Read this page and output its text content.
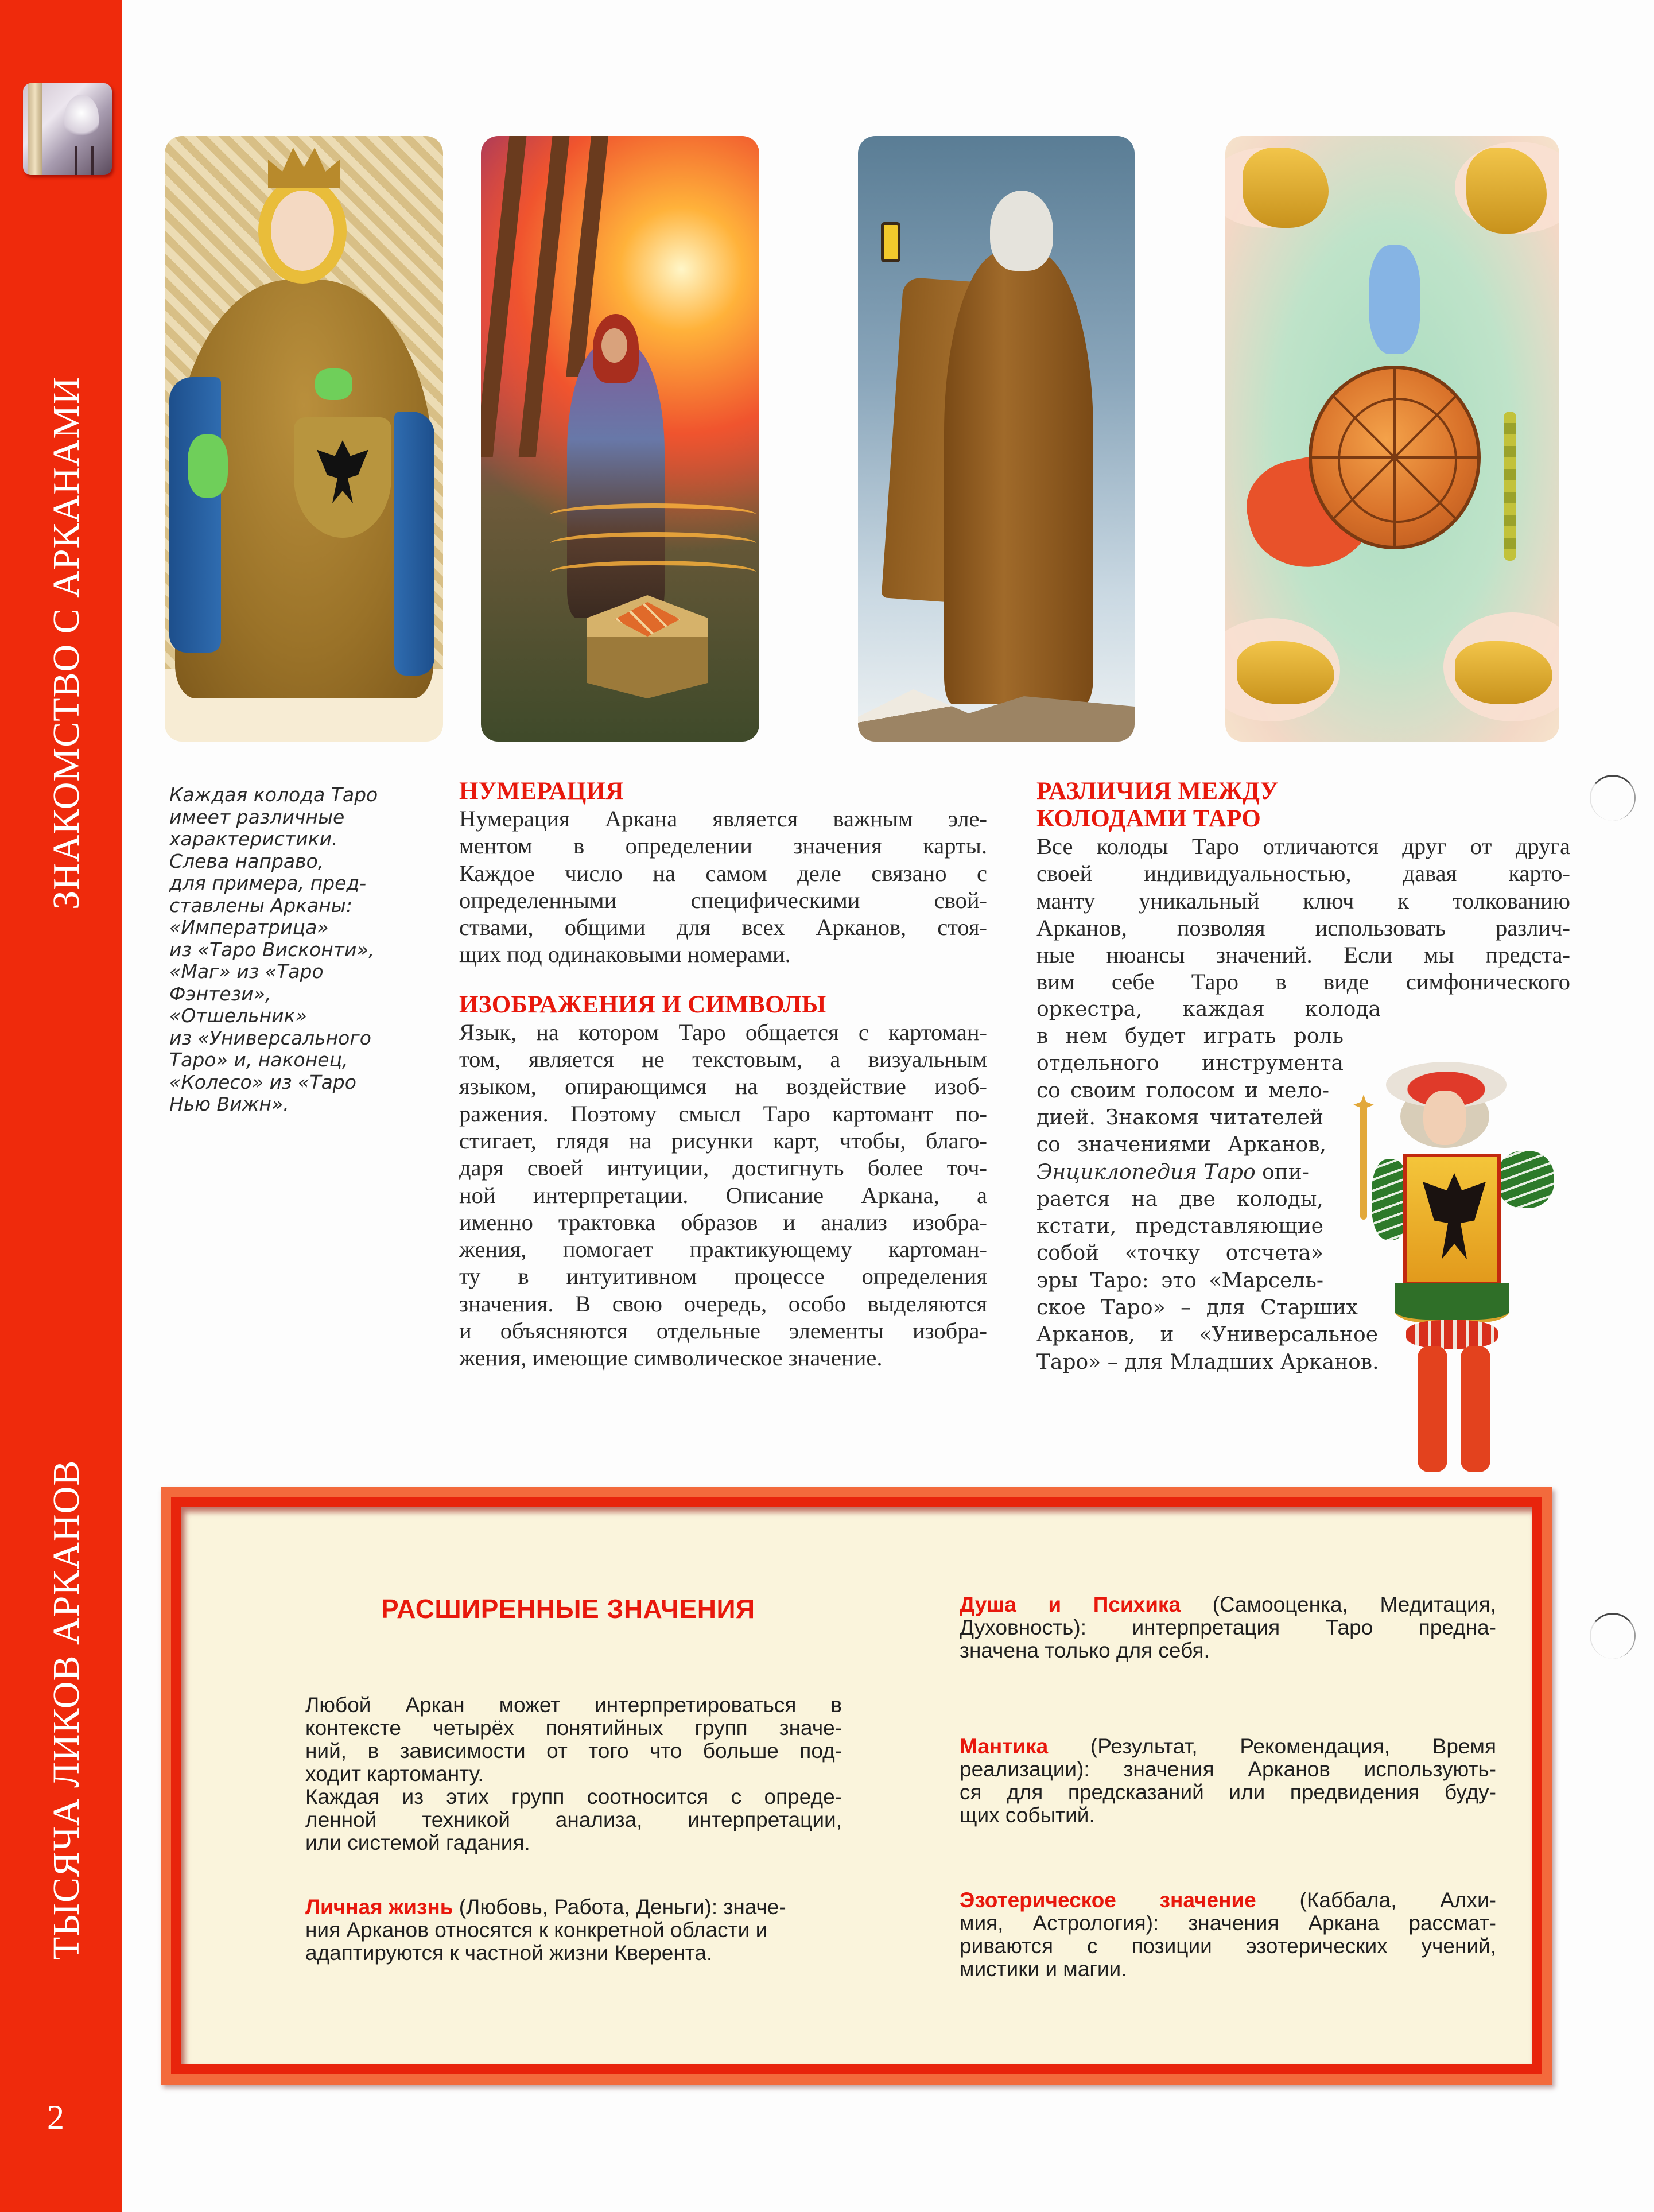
ЗНАКОМСТВО С АРКАНАМИ
ТЫСЯЧА ЛИКОВ АРКАНОВ
2
Каждая колода Таро
имеет различные
характеристики.
Слева направо,
для примера, пред-
ставлены Арканы:
«Императрица»
из «Таро Висконти»,
«Маг» из «Таро
Фэнтези»,
«Отшельник»
из «Универсального
Таро» и, наконец,
«Колесо» из «Таро
Нью Вижн».
НУМЕРАЦИЯ
Нумерация Аркана является важным эле-
ментом в определении значения карты.
Каждое число на самом деле связано с
определенными специфическими свой-
ствами, общими для всех Арканов, стоя-
щих под одинаковыми номерами.
ИЗОБРАЖЕНИЯ И СИМВОЛЫ
Язык, на котором Таро общается с картоман-
том, является не текстовым, а визуальным
языком, опирающимся на воздействие изоб-
ражения. Поэтому смысл Таро картомант по-
стигает, глядя на рисунки карт, чтобы, благо-
даря своей интуиции, достигнуть более точ-
ной интерпретации. Описание Аркана, а
именно трактовка образов и анализ изобра-
жения, помогает практикующему картоман-
ту в интуитивном процессе определения
значения. В свою очередь, особо выделяются
и объясняются отдельные элементы изобра-
жения, имеющие символическое значение.
РАЗЛИЧИЯ МЕЖДУ
КОЛОДАМИ ТАРО
Все колоды Таро отличаются друг от друга
своей индивидуальностью, давая карто-
манту уникальный ключ к толкованию
Арканов, позволяя использовать различ-
ные нюансы значений. Если мы предста-
вим себе Таро в виде симфонического
оркестра, каждая колода
в нем будет играть роль
отдельного инструмента
со своим голосом и мело-
дией. Знакомя читателей
со значениями Арканов,
Энциклопедия Таро опи-
рается на две колоды,
кстати, представляющие
собой «точку отсчета»
эры Таро: это «Марсель-
ское Таро» – для Старших
Арканов, и «Универсальное
Таро» – для Младших Арканов.
РАСШИРЕННЫЕ ЗНАЧЕНИЯ
Любой Аркан может интерпретироваться в
контексте четырёх понятийных групп значе-
ний, в зависимости от того что больше под-
ходит картоманту.
Каждая из этих групп соотносится с опреде-
ленной техникой анализа, интерпретации,
или системой гадания.
Личная жизнь (Любовь, Работа, Деньги): значе-
ния Арканов относятся к конкретной области и
адаптируются к частной жизни Кверента.
Душа и Психика (Самооценка, Медитация,
Духовность): интерпретация Таро предна-
значена только для себя.
Мантика (Результат, Рекомендация, Время
реализации): значения Арканов использують-
ся для предсказаний или предвидения буду-
щих событий.
Эзотерическое значение (Каббала, Алхи-
мия, Астрология): значения Аркана рассмат-
риваются с позиции эзотерических учений,
мистики и магии.
